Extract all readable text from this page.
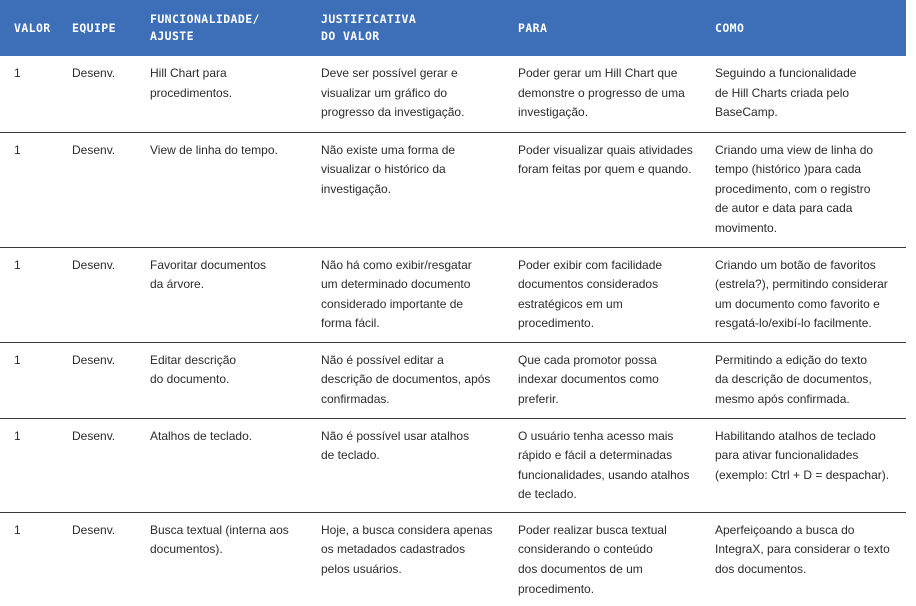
VALOR	EQUIPE	FUNCIONALIDADE/
AJUSTE	JUSTIFICATIVA
DO VALOR	PARA	COMO
1	Desenv.	Hill Chart para
procedimentos.	Deve ser possível gerar e
visualizar um gráfico do
progresso da investigação.	Poder gerar um Hill Chart que
demonstre o progresso de uma
investigação.	Seguindo a funcionalidade
de Hill Charts criada pelo
BaseCamp.
1	Desenv.	View de linha do tempo.	Não existe uma forma de
visualizar o histórico da
investigação.	Poder visualizar quais atividades
foram feitas por quem e quando.	Criando uma view de linha do
tempo (histórico )para cada
procedimento, com o registro
de autor e data para cada
movimento.
1	Desenv.	Favoritar documentos
da árvore.	Não há como exibir/resgatar
um determinado documento
considerado importante de
forma fácil.	Poder exibir com facilidade
documentos considerados
estratégicos em um
procedimento.	Criando um botão de favoritos
(estrela?), permitindo considerar
um documento como favorito e
resgatá-lo/exibí-lo facilmente.
1	Desenv.	Editar descrição
do documento.	Não é possível editar a
descrição de documentos, após
confirmadas.	Que cada promotor possa
indexar documentos como
preferir.	Permitindo a edição do texto
da descrição de documentos,
mesmo após confirmada.
1	Desenv.	Atalhos de teclado.	Não é possível usar atalhos
de teclado.	O usuário tenha acesso mais
rápido e fácil a determinadas
funcionalidades, usando atalhos
de teclado.	Habilitando atalhos de teclado
para ativar funcionalidades
(exemplo: Ctrl + D = despachar).
1	Desenv.	Busca textual (interna aos
documentos).	Hoje, a busca considera apenas
os metadados cadastrados
pelos usuários.	Poder realizar busca textual
considerando o conteúdo
dos documentos de um
procedimento.	Aperfeiçoando a busca do
IntegraX, para considerar o texto
dos documentos.
